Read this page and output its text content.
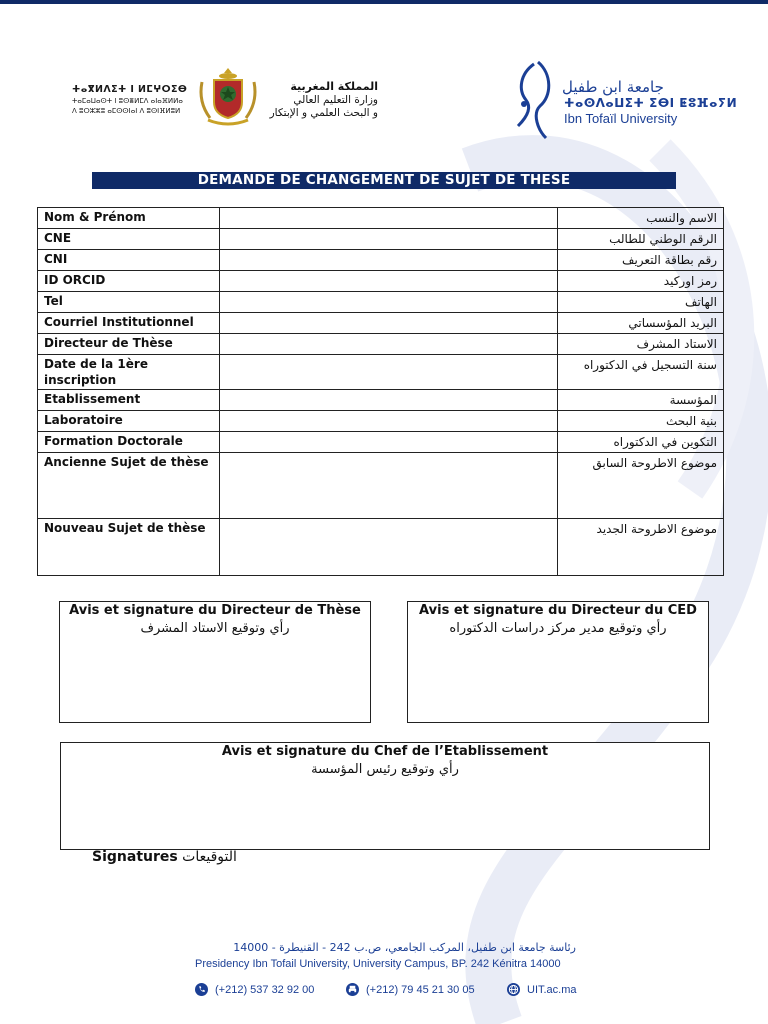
ⵜⴰⴳⵍⴷⵉⵜ ⵏ ⵍⵎⵖⵔⵉⴱ
ⵜⴰⵎⴰⵡⴰⵙⵜ ⵏ ⵓⵙⴻⵍⵎⴷ ⴰⵏⴰⴼⵍⵍⴰ
ⴷ ⵓⵔⵣⵣⵓ ⴰⵎⵙⵙⵏⴰⵏ ⴷ ⵓⵙⵏⴼⵍⵓⵍ
المملكة المغربية
وزارة التعليم العالي
و البحث العلمي و الإبتكار
جامعة ابن طفيل
ⵜⴰⵙⴷⴰⵡⵉⵜ ⵉⴱⵏ ⵟⵓⴼⴰⵢⵍ
Ibn Tofaïl University
DEMANDE DE CHANGEMENT DE SUJET DE THESE
Nom & Prénom		الاسم والنسب
CNE		الرقم الوطني للطالب
CNI		رقم بطاقة التعريف
ID ORCID		رمز اوركيد
Tel		الهاتف
Courriel Institutionnel		البريد المؤسساتي
Directeur de Thèse		الاستاد المشرف
Date de la 1ère inscription		سنة التسجيل في الدكتوراه
Etablissement		المؤسسة
Laboratoire		بنية البحث
Formation Doctorale		التكوين في الدكتوراه
Ancienne Sujet de thèse		موضوع الاطروحة السابق
Nouveau Sujet de thèse		موضوع الاطروحة الجديد
Avis et signature du Directeur de Thèse
رأي وتوقيع الاستاد المشرف
Avis et signature du Directeur du CED
رأي وتوقيع مدير مركز دراسات الدكتوراه
Avis et signature du Chef de l’Etablissement
رأي وتوقيع رئيس المؤسسة
Signatures التوقيعات
رئاسة جامعة ابن طفيل، المركب الجامعي، ص.ب 242 - القنيطرة - 14000
Presidency Ibn Tofail University, University Campus, BP. 242 Kénitra 14000
(+212) 537 32 92 00	(+212) 79 45 21 30 05	UIT.ac.ma
